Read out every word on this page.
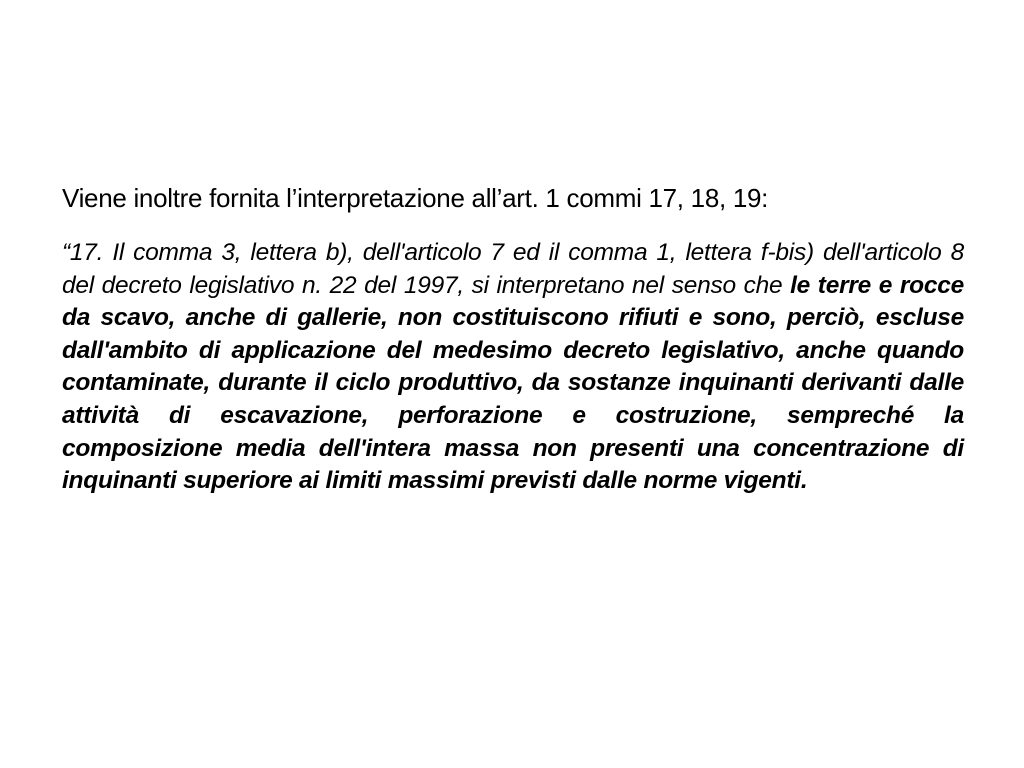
Viene inoltre fornita l’interpretazione all’art. 1 commi 17, 18, 19:

“17. Il comma 3, lettera b), dell'articolo 7 ed il comma 1, lettera f-bis) dell'articolo 8 del decreto legislativo n. 22 del 1997, si interpretano nel senso che le terre e rocce da scavo, anche di gallerie, non costituiscono rifiuti e sono, perciò, escluse dall'ambito di applicazione del medesimo decreto legislativo, anche quando contaminate, durante il ciclo produttivo, da sostanze inquinanti derivanti dalle attività di escavazione, perforazione e costruzione, sempreché la composizione media dell'intera massa non presenti una concentrazione di inquinanti superiore ai limiti massimi previsti dalle norme vigenti.
